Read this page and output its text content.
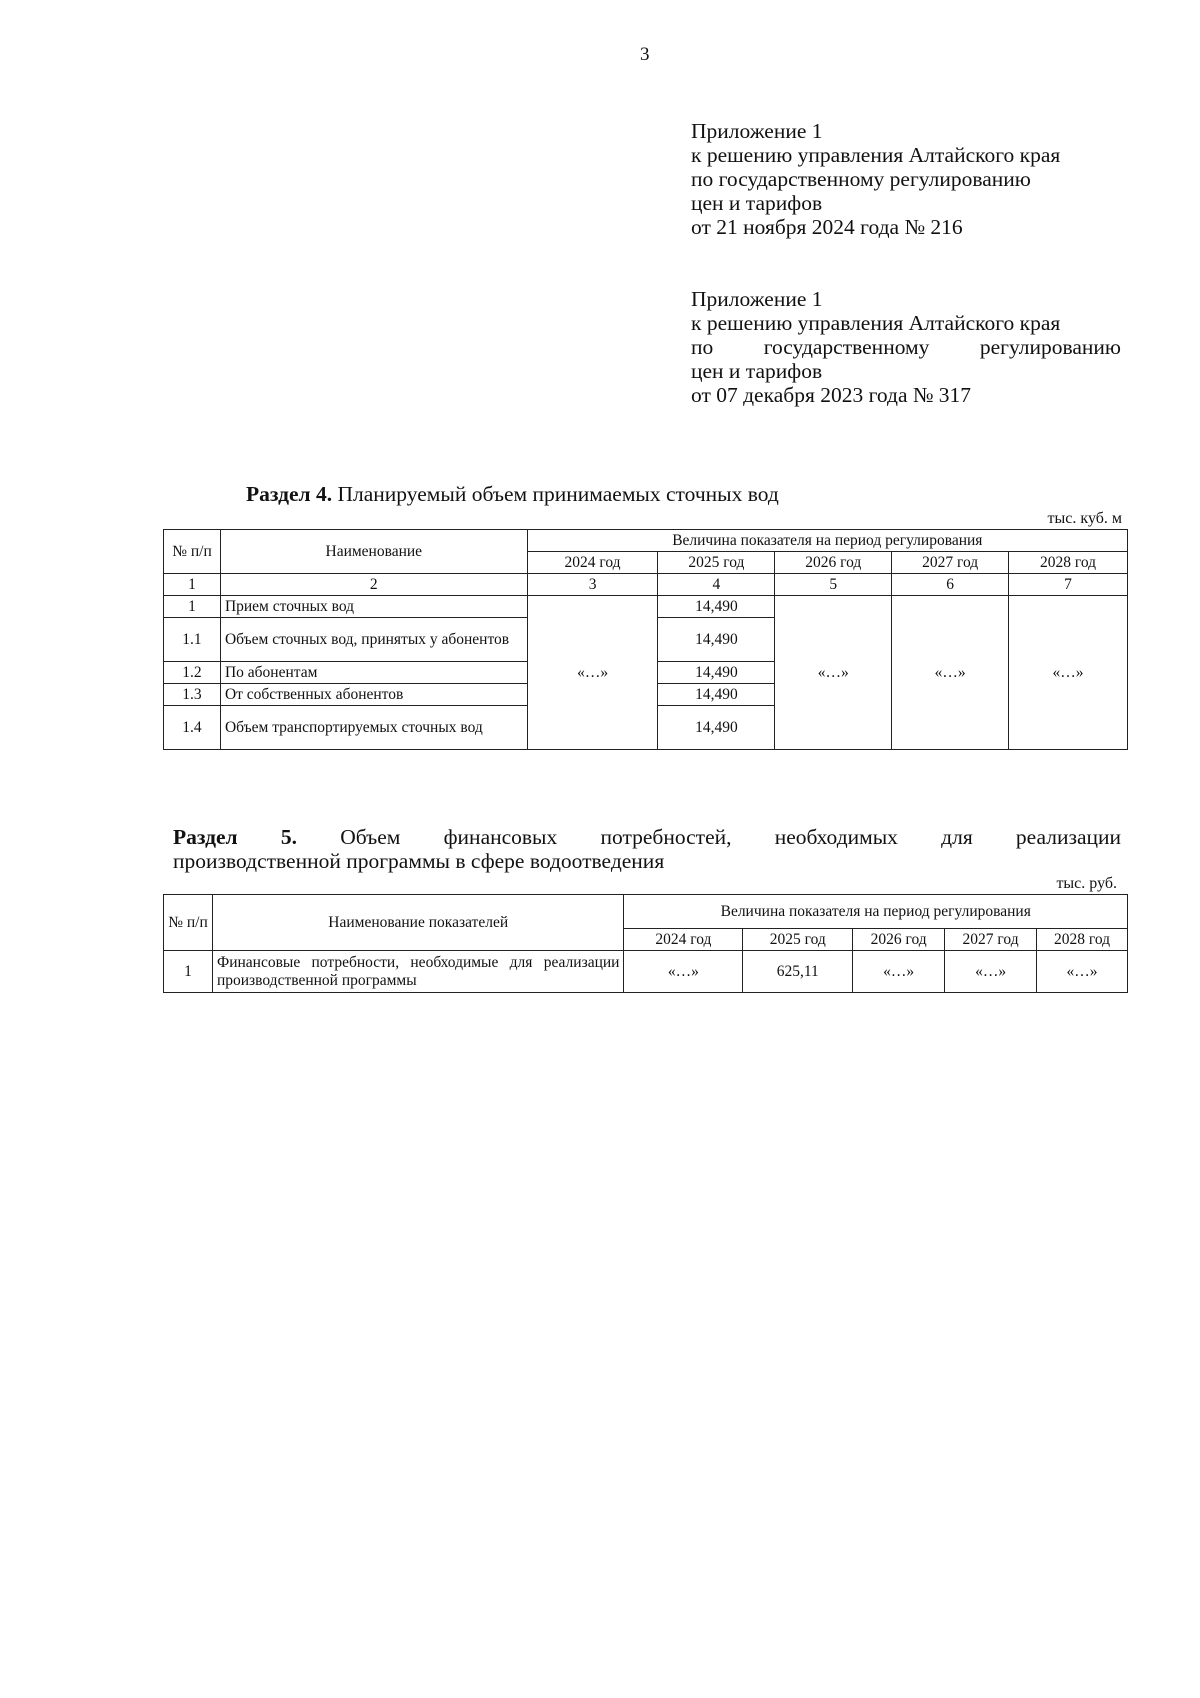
3
Приложение 1
к решению управления Алтайского края
по государственному регулированию
цен и тарифов
от 21 ноября 2024 года № 216
Приложение 1
к решению управления Алтайского края
по государственному регулированию
цен и тарифов
от 07 декабря 2023 года № 317
Раздел 4. Планируемый объем принимаемых сточных вод
тыс. куб. м
№ п/п	Наименование	Величина показателя на период регулирования				
		2024 год	2025 год	2026 год	2027 год	2028 год
1	2	3	4	5	6	7
1	Прием сточных вод	«…»	14,490	«…»	«…»	«…»
1.1	Объем сточных вод, принятых у абонентов		14,490			
1.2	По абонентам		14,490			
1.3	От собственных абонентов		14,490			
1.4	Объем транспортируемых сточных вод		14,490			
Раздел 5. Объем финансовых потребностей, необходимых для реализации
производственной программы в сфере водоотведения
тыс. руб.
№ п/п	Наименование показателей	Величина показателя на период регулирования				
		2024 год	2025 год	2026 год	2027 год	2028 год
1	Финансовые потребности, необходимые для реализации производственной программы	«…»	625,11	«…»	«…»	«…»
